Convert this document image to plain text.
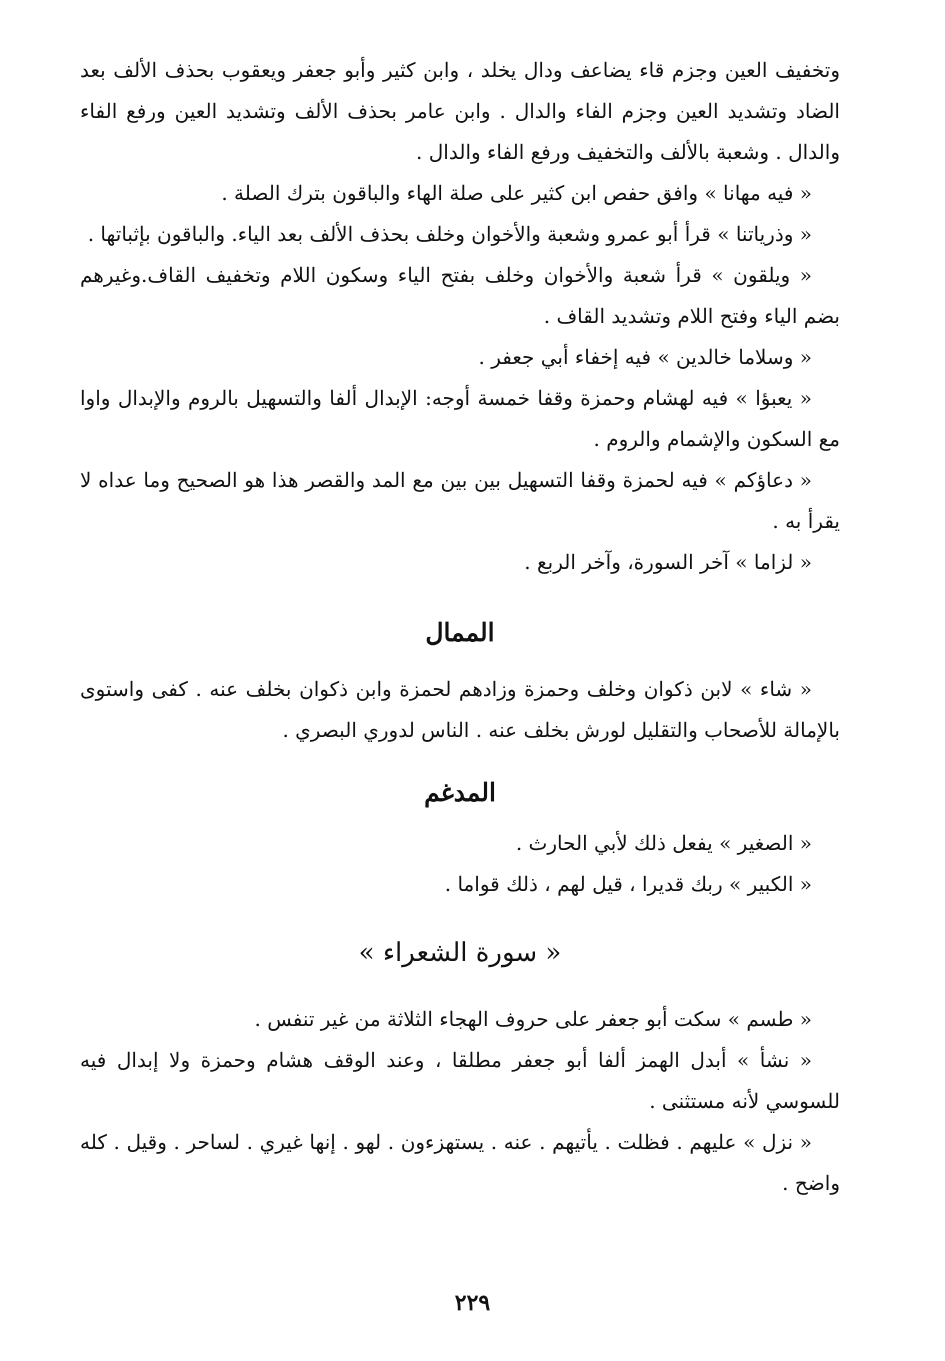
وتخفيف العين وجزم قاء يضاعف ودال يخلد ، وابن كثير وأبو جعفر ويعقوب بحذف الألف بعد الضاد وتشديد العين وجزم الفاء والدال . وابن عامر بحذف الألف وتشديد العين ورفع الفاء والدال . وشعبة بالألف والتخفيف ورفع الفاء والدال .

« فيه مهانا » وافق حفص ابن كثير على صلة الهاء والباقون بترك الصلة .

« وذرياتنا » قرأ أبو عمرو وشعبة والأخوان وخلف بحذف الألف بعد الياء. والباقون بإثباتها .

« ويلقون » قرأ شعبة والأخوان وخلف بفتح الياء وسكون اللام وتخفيف القاف.وغيرهم بضم الياء وفتح اللام وتشديد القاف .

« وسلاما خالدين » فيه إخفاء أبي جعفر .

« يعبؤا » فيه لهشام وحمزة وقفا خمسة أوجه: الإبدال ألفا والتسهيل بالروم والإبدال واوا مع السكون والإشمام والروم .

« دعاؤكم » فيه لحمزة وقفا التسهيل بين بين مع المد والقصر هذا هو الصحيح وما عداه لا يقرأ به .

« لزاما » آخر السورة، وآخر الربع .

الممال

« شاء » لابن ذكوان وخلف وحمزة وزادهم لحمزة وابن ذكوان بخلف عنه . كفى واستوى بالإمالة للأصحاب والتقليل لورش بخلف عنه . الناس لدوري البصري .

المدغم

« الصغير » يفعل ذلك لأبي الحارث .

« الكبير » ربك قديرا ، قيل لهم ، ذلك قواما .

« سورة الشعراء »

« طسم » سكت أبو جعفر على حروف الهجاء الثلاثة من غير تنفس .

« نشأ » أبدل الهمز ألفا أبو جعفر مطلقا ، وعند الوقف هشام وحمزة ولا إبدال فيه للسوسي لأنه مستثنى .

« نزل » عليهم . فظلت . يأتيهم . عنه . يستهزءون . لهو . إنها غيري . لساحر . وقيل . كله واضح .

٢٢٩
